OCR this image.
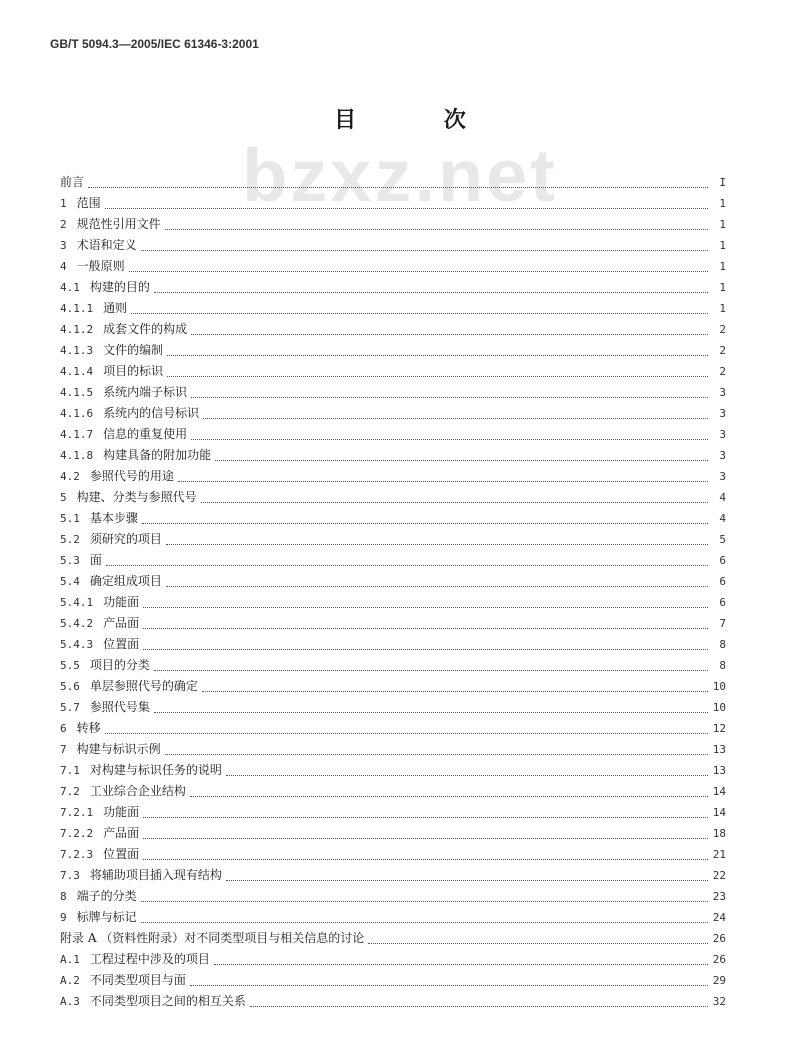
GB/T 5094.3—2005/IEC 61346-3:2001
bzxz.net
目 次
前言	I
1 范围	1
2 规范性引用文件	1
3 术语和定义	1
4 一般原则	1
4.1 构建的目的	1
4.1.1 通则	1
4.1.2 成套文件的构成	2
4.1.3 文件的编制	2
4.1.4 项目的标识	2
4.1.5 系统内端子标识	3
4.1.6 系统内的信号标识	3
4.1.7 信息的重复使用	3
4.1.8 构建具备的附加功能	3
4.2 参照代号的用途	3
5 构建、分类与参照代号	4
5.1 基本步骤	4
5.2 须研究的项目	5
5.3 面	6
5.4 确定组成项目	6
5.4.1 功能面	6
5.4.2 产品面	7
5.4.3 位置面	8
5.5 项目的分类	8
5.6 单层参照代号的确定	10
5.7 参照代号集	10
6 转移	12
7 构建与标识示例	13
7.1 对构建与标识任务的说明	13
7.2 工业综合企业结构	14
7.2.1 功能面	14
7.2.2 产品面	18
7.2.3 位置面	21
7.3 将辅助项目插入现有结构	22
8 端子的分类	23
9 标牌与标记	24
附录 A （资料性附录）对不同类型项目与相关信息的讨论	26
A.1 工程过程中涉及的项目	26
A.2 不同类型项目与面	29
A.3 不同类型项目之间的相互关系	32
